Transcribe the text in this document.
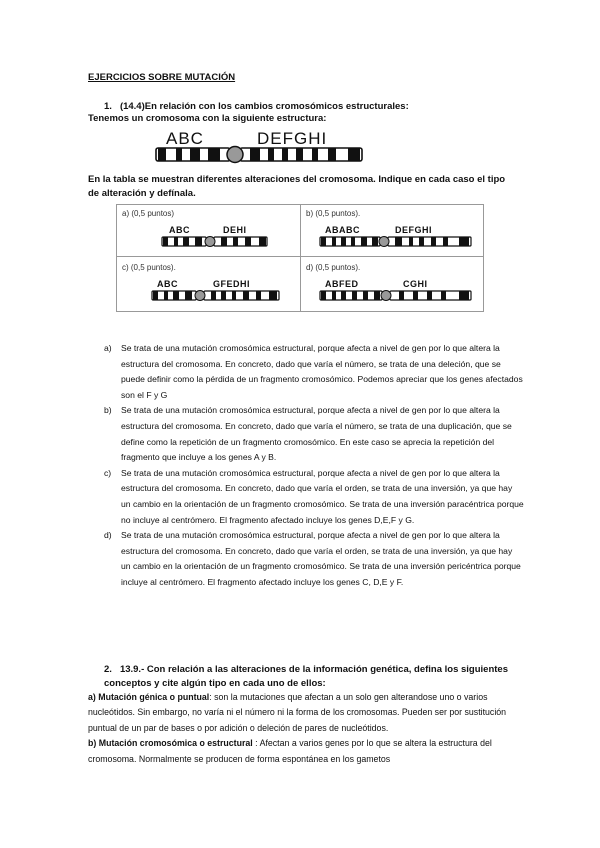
EJERCICIOS SOBRE MUTACIÓN
1. (14.4)En relación con los cambios cromosómicos estructurales:
Tenemos un cromosoma con la siguiente estructura:
ABC	DEFGHI
En la tabla se muestran diferentes alteraciones del cromosoma. Indique en cada caso el tipo de alteración y defínala.
a) (0,5 puntos)
ABC	DEHI
b) (0,5 puntos).
ABABC	DEFGHI
c) (0,5 puntos).
ABC	GFEDHI
d) (0,5 puntos).
ABFED	CGHI
a) Se trata de una mutación cromosómica estructural, porque afecta a nivel de gen por lo que altera la estructura del cromosoma. En concreto, dado que varía el número, se trata de una deleción, que se puede definir como la pérdida de un fragmento cromosómico. Podemos apreciar que los genes afectados son el F y G
b) Se trata de una mutación cromosómica estructural, porque afecta a nivel de gen por lo que altera la estructura del cromosoma. En concreto, dado que varía el número, se trata de una duplicación, que se define como la repetición de un fragmento cromosómico. En este caso se aprecia la repetición del fragmento que incluye a los genes A y B.
c) Se trata de una mutación cromosómica estructural, porque afecta a nivel de gen por lo que altera la estructura del cromosoma. En concreto, dado que varía el orden, se trata de una inversión, ya que hay un cambio en la orientación de un fragmento cromosómico. Se trata de una inversión paracéntrica porque no incluye al centrómero. El fragmento afectado incluye los genes D,E,F y G.
d) Se trata de una mutación cromosómica estructural, porque afecta a nivel de gen por lo que altera la estructura del cromosoma. En concreto, dado que varía el orden, se trata de una inversión, ya que hay un cambio en la orientación de un fragmento cromosómico. Se trata de una inversión pericéntrica porque incluye al centrómero. El fragmento afectado incluye los genes C, D,E y F.
2. 13.9.- Con relación a las alteraciones de la información genética, defina los siguientes conceptos y cite algún tipo en cada uno de ellos:
a) Mutación génica o puntual: son la mutaciones que afectan a un solo gen alterandose uno o varios nucleótidos. Sin embargo, no varía ni el número ni la forma de los cromosomas. Pueden ser por sustitución puntual de un par de bases o por adición o deleción de pares de nucleótidos.
b) Mutación cromosómica o estructural : Afectan a varios genes por lo que se altera la estructura del cromosoma. Normalmente se producen de forma espontánea en los gametos
